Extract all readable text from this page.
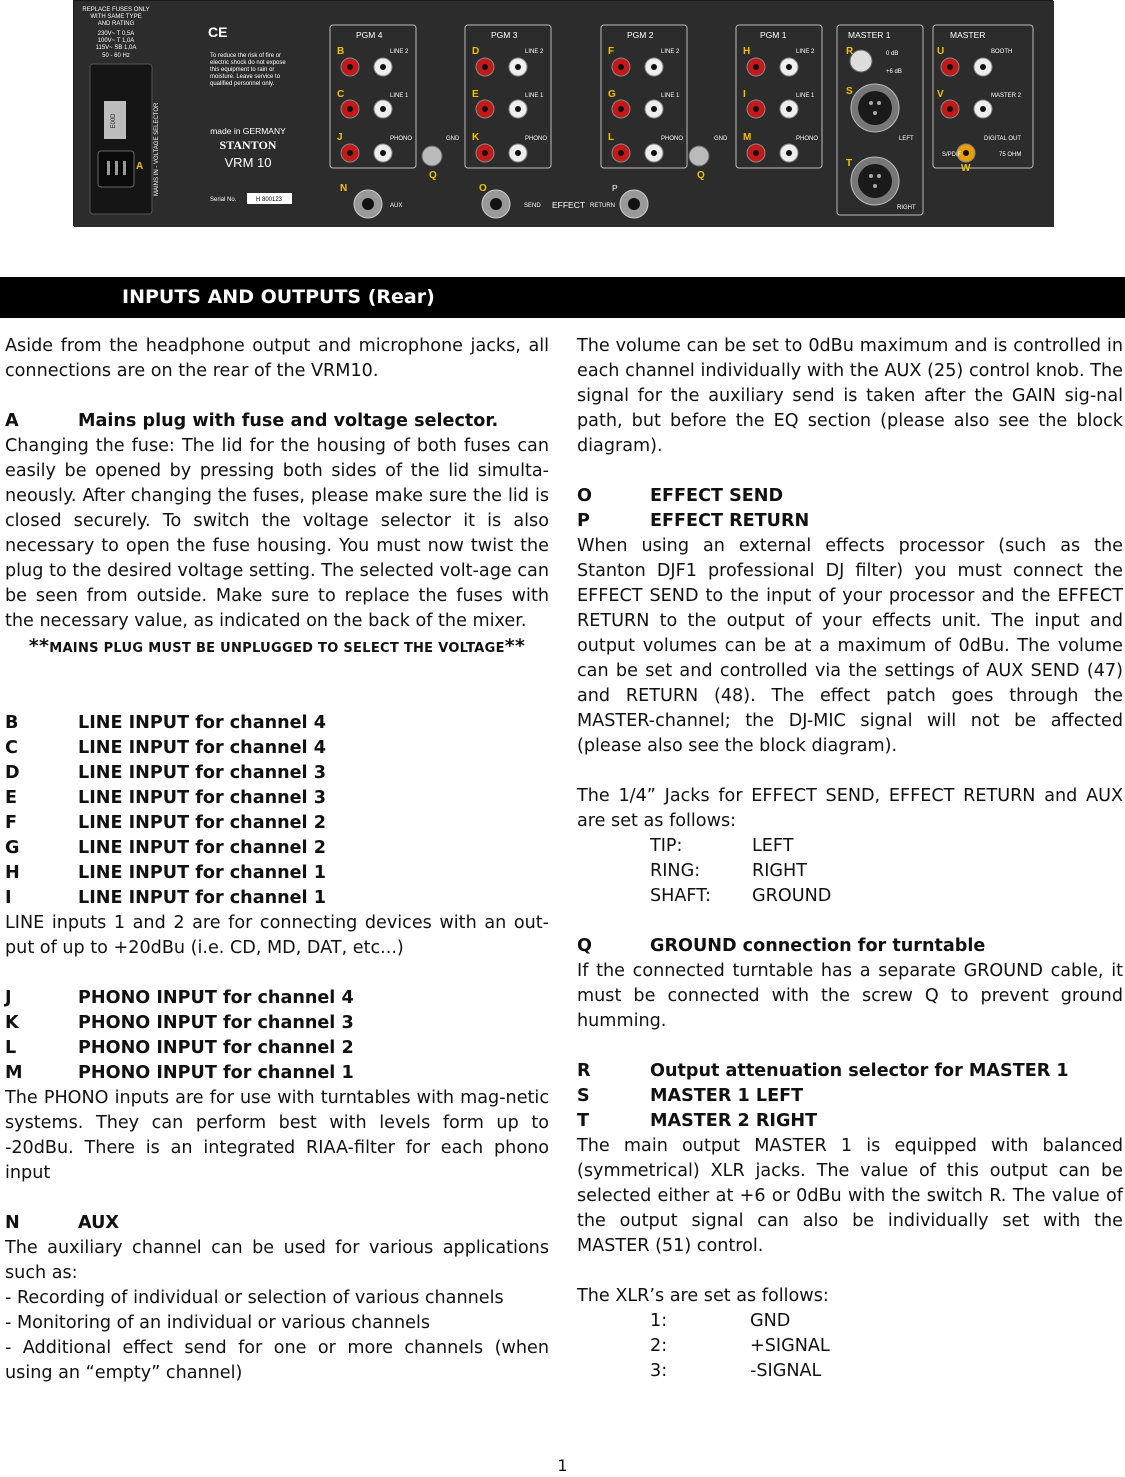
REPLACE FUSES ONLY
WITH SAME TYPE
AND RATING
230V~ T 0,5A
100V~ T 1,0A
115V~ SB 1,0A
50 - 60 Hz
E00D
A MAINS IN - VOLTAGE SELECTOR
CE
To reduce the risk of fire or
electric shock do not expose
this equipment to rain or
moisture. Leave service to
qualified personnel only.
made in GERMANY
STANTON
VRM 10
Serial No.	H 800123
PGM 4	PGM 3	PGM 2	PGM 1	MASTER 1	MASTER
LINE 2
LINE 1
PHONO
LINE 2
LINE 1
PHONO
LINE 2
LINE 1
PHONO
LINE 2
LINE 1
PHONO
GND	GND
BOOTH
MASTER 2
DIGITAL OUT
S/PDIF	75 OHM
LEFT
RIGHT
0 dB
+6 dB
AUX	SEND EFFECT RETURN
B
C
J
D
E
K
F
G
L
H
I
M
Q	Q
N	O	P
R
S
T
U
V
W
INPUTS AND OUTPUTS (Rear)

Aside from the headphone output and microphone jacks, all connections are on the rear of the VRM10.

A	Mains plug with fuse and voltage selector.

Changing the fuse: The lid for the housing of both fuses can easily be opened by pressing both sides of the lid simulta-neously. After changing the fuses, please make sure the lid is closed securely. To switch the voltage selector it is also necessary to open the fuse housing. You must now twist the plug to the desired voltage setting. The selected volt-age can be seen from outside. Make sure to replace the fuses with the necessary value, as indicated on the back of the mixer.

**MAINS PLUG MUST BE UNPLUGGED TO SELECT THE VOLTAGE**

B	LINE INPUT for channel 4
C	LINE INPUT for channel 4
D	LINE INPUT for channel 3
E	LINE INPUT for channel 3
F	LINE INPUT for channel 2
G	LINE INPUT for channel 2
H	LINE INPUT for channel 1
I	LINE INPUT for channel 1

LINE inputs 1 and 2 are for connecting devices with an out-put of up to +20dBu (i.e. CD, MD, DAT, etc...)

J	PHONO INPUT for channel 4
K	PHONO INPUT for channel 3
L	PHONO INPUT for channel 2
M	PHONO INPUT for channel 1

The PHONO inputs are for use with turntables with mag-netic systems. They can perform best with levels form up to -20dBu. There is an integrated RIAA-filter for each phono input

N	AUX

The auxiliary channel can be used for various applications such as:

- Recording of individual or selection of various channels

- Monitoring of an individual or various channels

- Additional effect send for one or more channels (when using an “empty” channel)

The volume can be set to 0dBu maximum and is controlled in each channel individually with the AUX (25) control knob. The signal for the auxiliary send is taken after the GAIN sig-nal path, but before the EQ section (please also see the block diagram).

O	EFFECT SEND
P	EFFECT RETURN

When using an external effects processor (such as the Stanton DJF1 professional DJ filter) you must connect the EFFECT SEND to the input of your processor and the EFFECT RETURN to the output of your effects unit. The input and output volumes can be at a maximum of 0dBu. The volume can be set and controlled via the settings of AUX SEND (47) and RETURN (48). The effect patch goes through the MASTER-channel; the DJ-MIC signal will not be affected (please also see the block diagram).

The 1/4” Jacks for EFFECT SEND, EFFECT RETURN and AUX are set as follows:

TIP:	LEFT
RING:	RIGHT
SHAFT:	GROUND
Q	GROUND connection for turntable

If the connected turntable has a separate GROUND cable, it must be connected with the screw Q to prevent ground humming.

R	Output attenuation selector for MASTER 1
S	MASTER 1 LEFT
T	MASTER 2 RIGHT

The main output MASTER 1 is equipped with balanced (symmetrical) XLR jacks. The value of this output can be selected either at +6 or 0dBu with the switch R. The value of the output signal can also be individually set with the MASTER (51) control.

The XLR’s are set as follows:

1:	GND
2:	+SIGNAL
3:	-SIGNAL
1
